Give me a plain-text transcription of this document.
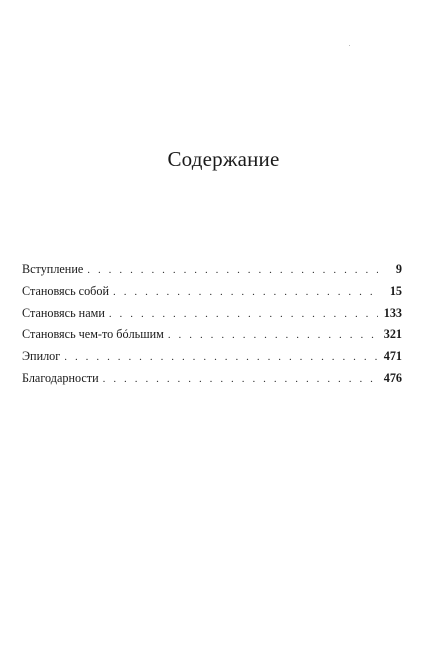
Содержание
Вступление . . .	9
Становясь собой . . .	15
Становясь нами . . .	133
Становясь чем-то бóльшим . . .	321
Эпилог . . .	471
Благодарности . . .	476
